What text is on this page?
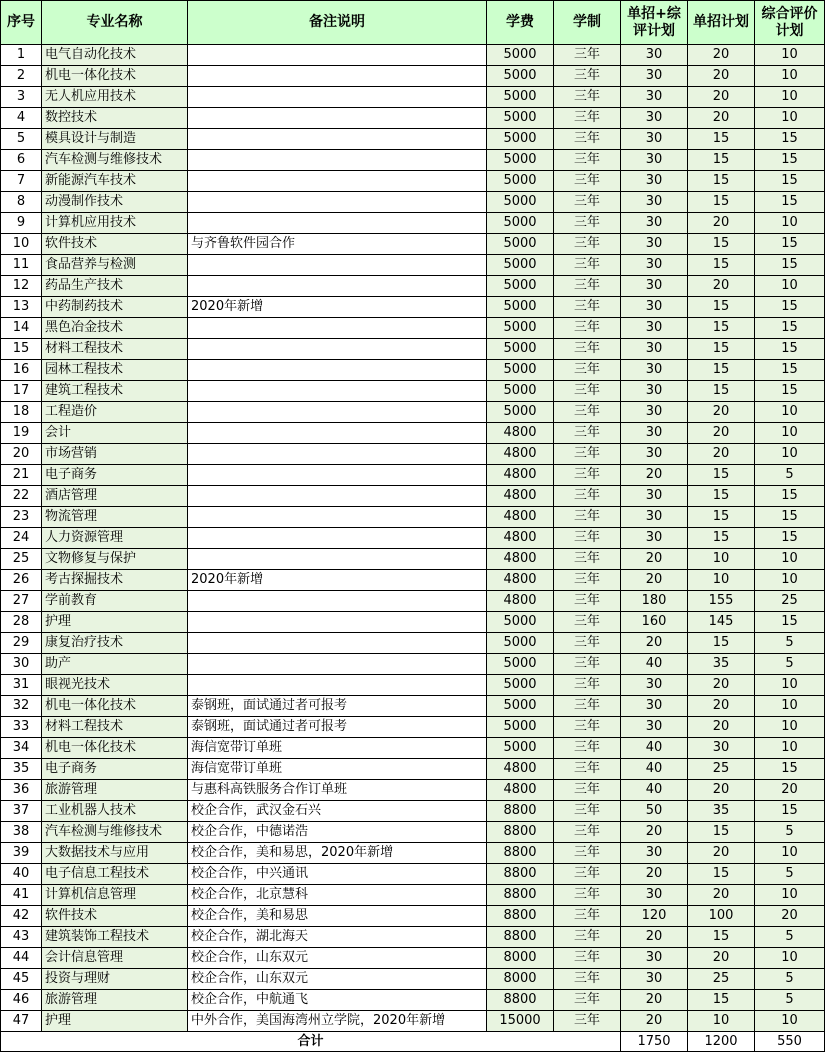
序号	专业名称	备注说明	学费	学制	单招+综评计划	单招计划	综合评价计划
1	电气自动化技术		5000	三年	30	20	10
2	机电一体化技术		5000	三年	30	20	10
3	无人机应用技术		5000	三年	30	20	10
4	数控技术		5000	三年	30	20	10
5	模具设计与制造		5000	三年	30	15	15
6	汽车检测与维修技术		5000	三年	30	15	15
7	新能源汽车技术		5000	三年	30	15	15
8	动漫制作技术		5000	三年	30	15	15
9	计算机应用技术		5000	三年	30	20	10
10	软件技术	与齐鲁软件园合作	5000	三年	30	15	15
11	食品营养与检测		5000	三年	30	15	15
12	药品生产技术		5000	三年	30	20	10
13	中药制药技术	2020年新增	5000	三年	30	15	15
14	黑色冶金技术		5000	三年	30	15	15
15	材料工程技术		5000	三年	30	15	15
16	园林工程技术		5000	三年	30	15	15
17	建筑工程技术		5000	三年	30	15	15
18	工程造价		5000	三年	30	20	10
19	会计		4800	三年	30	20	10
20	市场营销		4800	三年	30	20	10
21	电子商务		4800	三年	20	15	5
22	酒店管理		4800	三年	30	15	15
23	物流管理		4800	三年	30	15	15
24	人力资源管理		4800	三年	30	15	15
25	文物修复与保护		4800	三年	20	10	10
26	考古探掘技术	2020年新增	4800	三年	20	10	10
27	学前教育		4800	三年	180	155	25
28	护理		5000	三年	160	145	15
29	康复治疗技术		5000	三年	20	15	5
30	助产		5000	三年	40	35	5
31	眼视光技术		5000	三年	30	20	10
32	机电一体化技术	泰钢班，面试通过者可报考	5000	三年	30	20	10
33	材料工程技术	泰钢班，面试通过者可报考	5000	三年	30	20	10
34	机电一体化技术	海信宽带订单班	5000	三年	40	30	10
35	电子商务	海信宽带订单班	4800	三年	40	25	15
36	旅游管理	与惠科高铁服务合作订单班	4800	三年	40	20	20
37	工业机器人技术	校企合作，武汉金石兴	8800	三年	50	35	15
38	汽车检测与维修技术	校企合作，中德诺浩	8800	三年	20	15	5
39	大数据技术与应用	校企合作，美和易思，2020年新增	8800	三年	30	20	10
40	电子信息工程技术	校企合作，中兴通讯	8800	三年	20	15	5
41	计算机信息管理	校企合作，北京慧科	8800	三年	30	20	10
42	软件技术	校企合作，美和易思	8800	三年	120	100	20
43	建筑装饰工程技术	校企合作，湖北海天	8800	三年	20	15	5
44	会计信息管理	校企合作，山东双元	8000	三年	30	20	10
45	投资与理财	校企合作，山东双元	8000	三年	30	25	5
46	旅游管理	校企合作，中航通飞	8800	三年	20	15	5
47	护理	中外合作，美国海湾州立学院，2020年新增	15000	三年	20	10	10
合计					1750	1200	550
